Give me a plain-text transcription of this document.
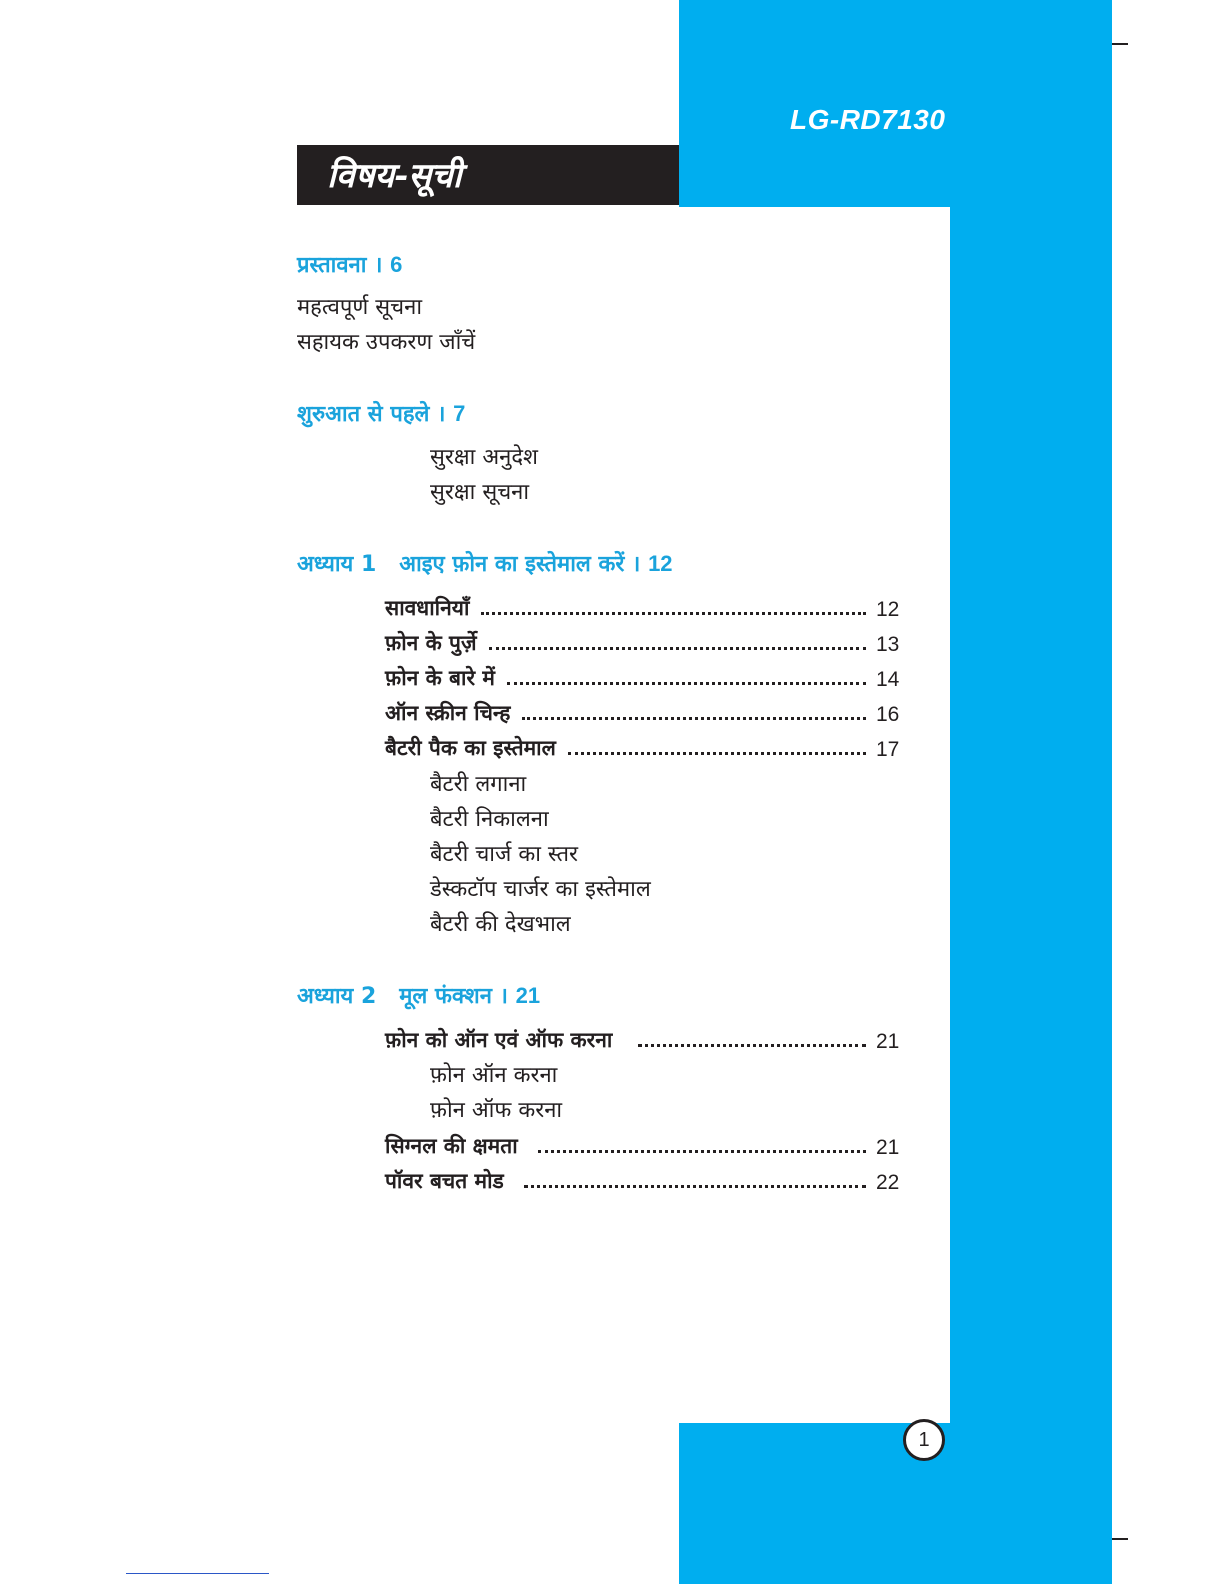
LG-RD7130
विषय-सूची
प्रस्तावना । 6
महत्वपूर्ण सूचना
सहायक उपकरण जाँचें
शुरुआत से पहले । 7
सुरक्षा अनुदेश
सुरक्षा सूचना
अध्याय 1 आइए फ़ोन का इस्तेमाल करें । 12
सावधानियाँ	12
फ़ोन के पुर्ज़े	13
फ़ोन के बारे में	14
ऑन स्क्रीन चिन्ह	16
बैटरी पैक का इस्तेमाल	17
बैटरी लगाना
बैटरी निकालना
बैटरी चार्ज का स्तर
डेस्कटॉप चार्जर का इस्तेमाल
बैटरी की देखभाल
अध्याय 2 मूल फंक्शन । 21
फ़ोन को ऑन एवं ऑफ करना	21
फ़ोन ऑन करना
फ़ोन ऑफ करना
सिग्नल की क्षमता	21
पॉवर बचत मोड	22
1
